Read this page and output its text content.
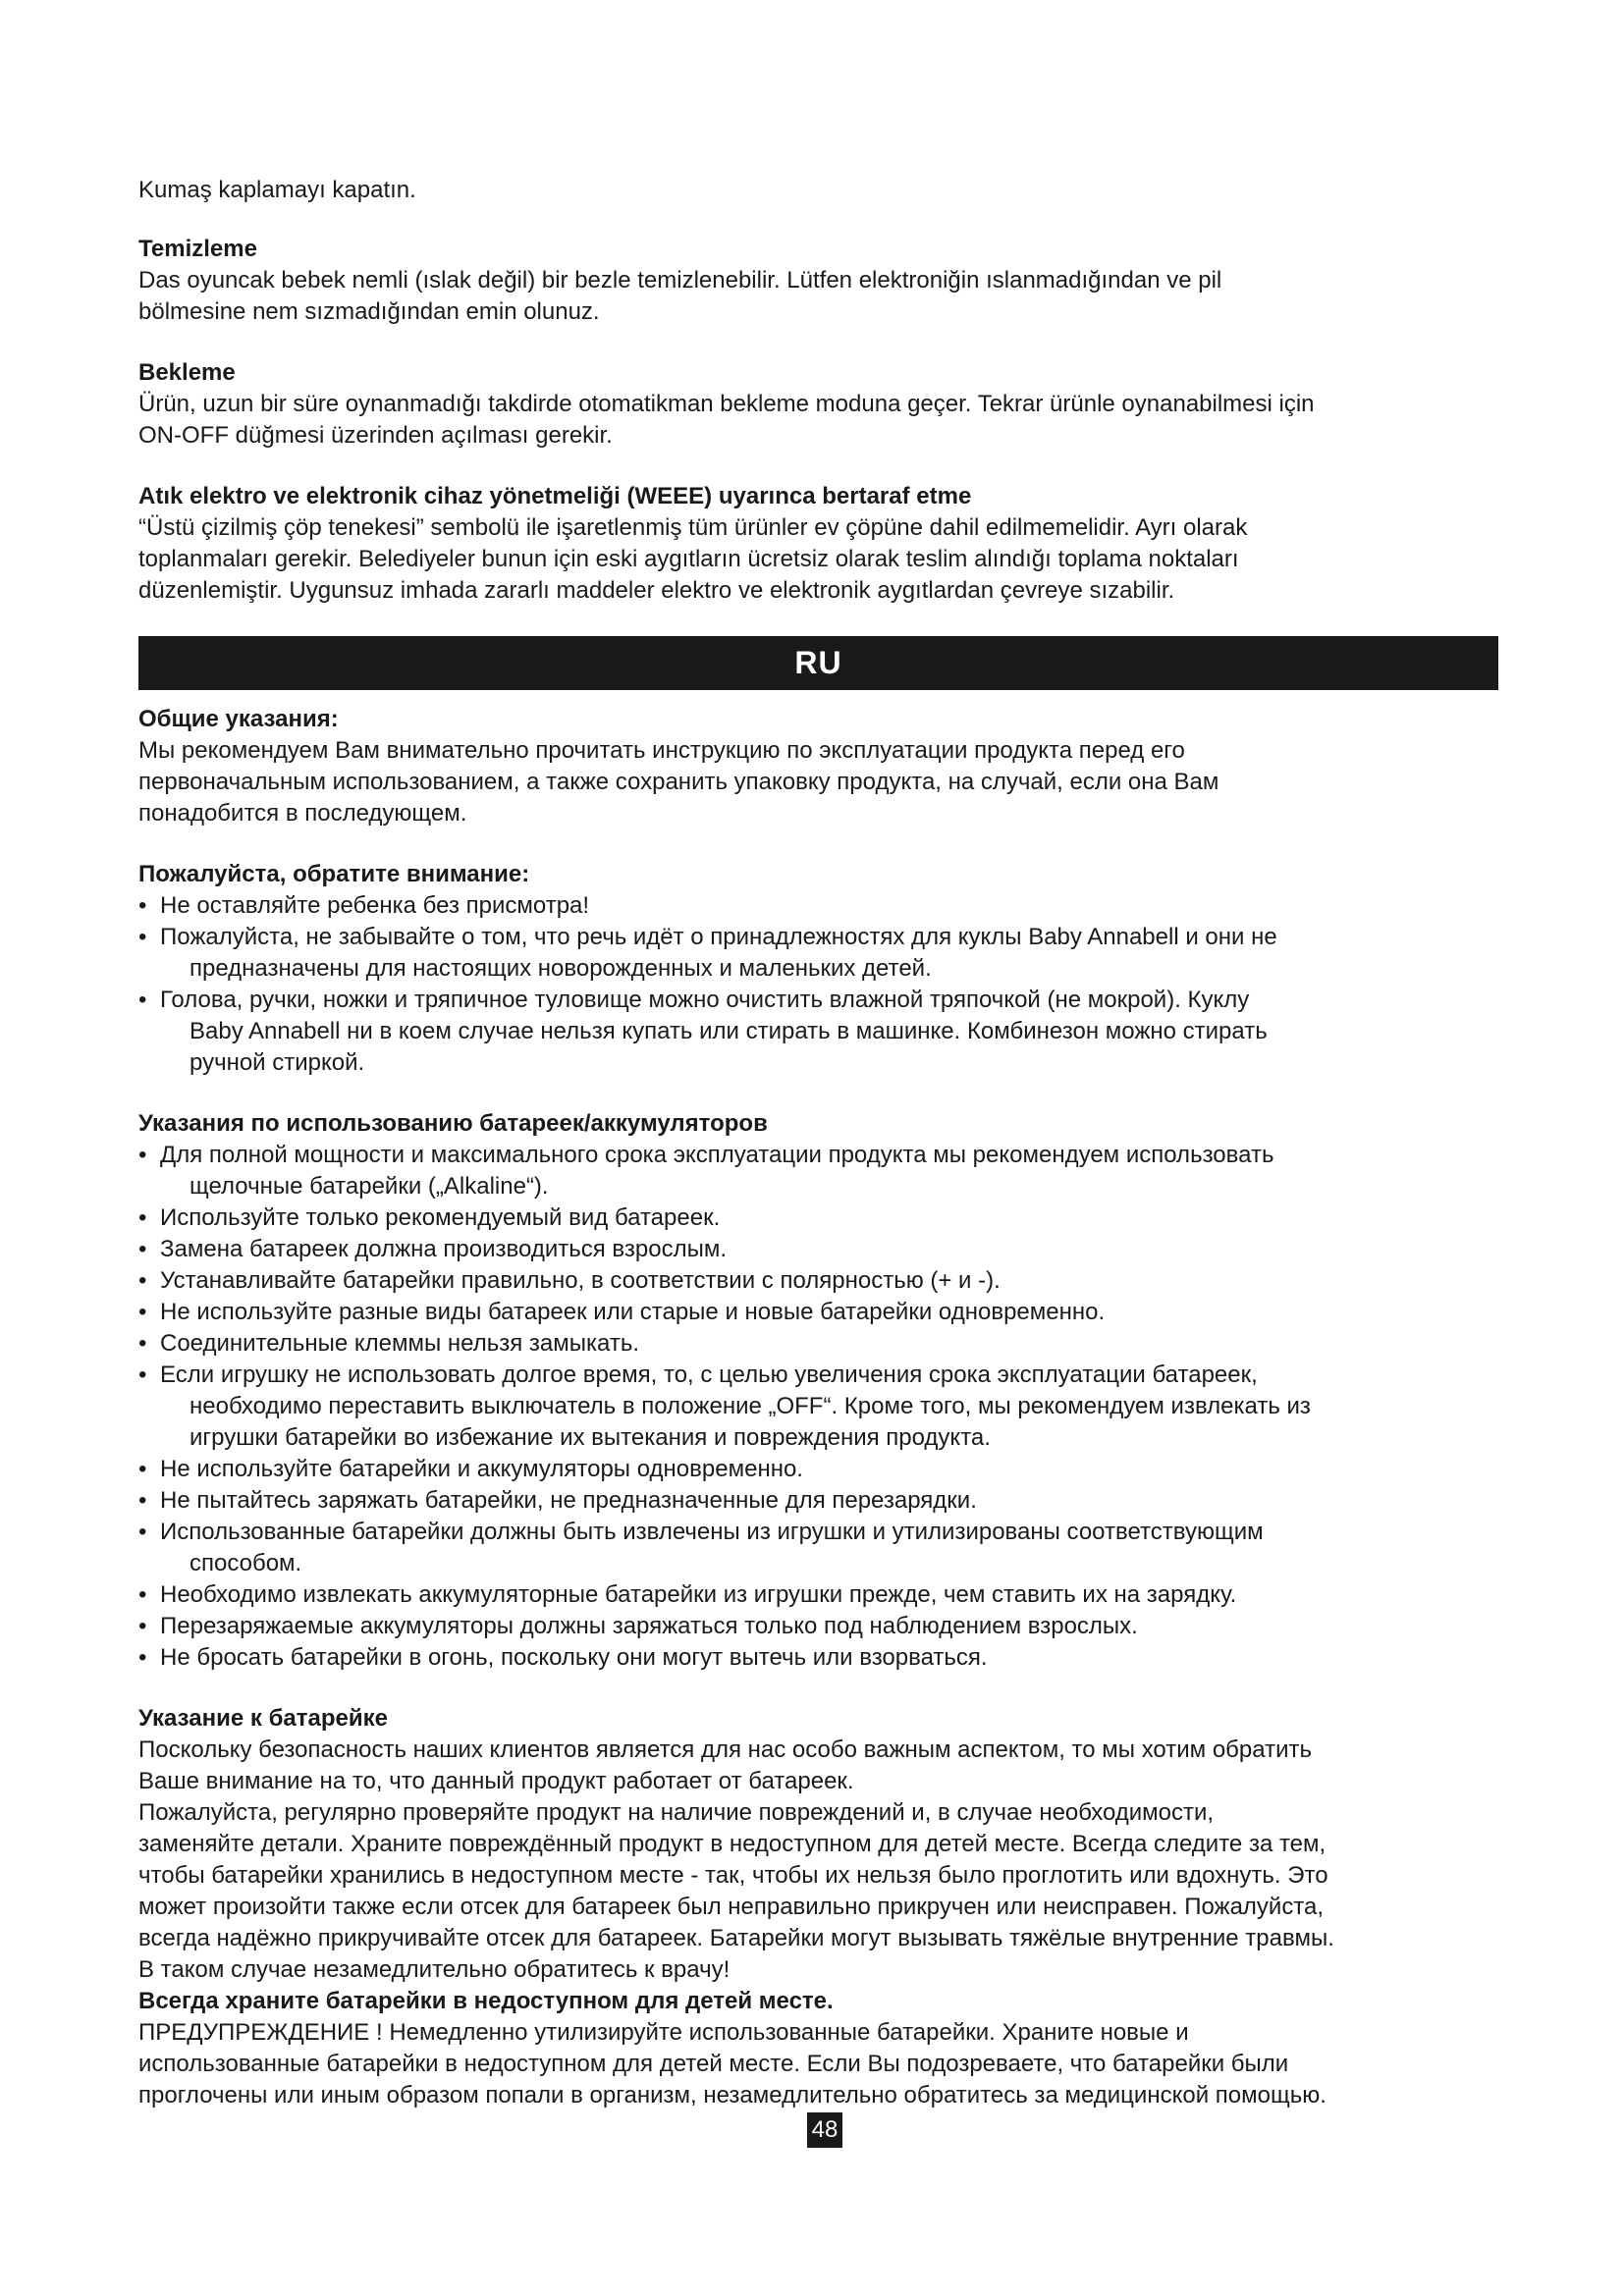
Kumaş kaplamayı kapatın.

Temizleme

Das oyuncak bebek nemli (ıslak değil) bir bezle temizlenebilir. Lütfen elektroniğin ıslanmadığından ve pil

bölmesine nem sızmadığından emin olunuz.

Bekleme

Ürün, uzun bir süre oynanmadığı takdirde otomatikman bekleme moduna geçer. Tekrar ürünle oynanabilmesi için

ON-OFF düğmesi üzerinden açılması gerekir.

Atık elektro ve elektronik cihaz yönetmeliği (WEEE) uyarınca bertaraf etme

“Üstü çizilmiş çöp tenekesi” sembolü ile işaretlenmiş tüm ürünler ev çöpüne dahil edilmemelidir. Ayrı olarak

toplanmaları gerekir. Belediyeler bunun için eski aygıtların ücretsiz olarak teslim alındığı toplama noktaları

düzenlemiştir. Uygunsuz imhada zararlı maddeler elektro ve elektronik aygıtlardan çevreye sızabilir.

RU
Общие указания:

Мы рекомендуем Вам внимательно прочитать инструкцию по эксплуатации продукта перед его

первоначальным использованием, а также сохранить упаковку продукта, на случай, если она Вам

понадобится в последующем.

Пожалуйста, обратите внимание:
• Не оставляйте ребенка без присмотра!
• Пожалуйста, не забывайте о том, что речь идёт о принадлежностях для куклы Baby Annabell и они не
предназначены для настоящих новорожденных и маленьких детей.
• Голова, ручки, ножки и тряпичное туловище можно очистить влажной тряпочкой (не мокрой). Куклу
Baby Annabell ни в коем случае нельзя купать или стирать в машинке. Комбинезон можно стирать
ручной стиркой.
Указания по использованию батареек/аккумуляторов
• Для полной мощности и максимального срока эксплуатации продукта мы рекомендуем использовать
щелочные батарейки („Alkaline“).
• Используйте только рекомендуемый вид батареек.
• Замена батареек должна производиться взрослым.
• Устанавливайте батарейки правильно, в соответствии с полярностью (+ и -).
• Не используйте разные виды батареек или старые и новые батарейки одновременно.
• Соединительные клеммы нельзя замыкать.
• Если игрушку не использовать долгое время, то, с целью увеличения срока эксплуатации батареек,
необходимо переставить выключатель в положение „OFF“. Кроме того, мы рекомендуем извлекать из
игрушки батарейки во избежание их вытекания и повреждения продукта.
• Не используйте батарейки и аккумуляторы одновременно.
• Не пытайтесь заряжать батарейки, не предназначенные для перезарядки.
• Использованные батарейки должны быть извлечены из игрушки и утилизированы соответствующим
способом.
• Необходимо извлекать аккумуляторные батарейки из игрушки прежде, чем ставить их на зарядку.
• Перезаряжаемые аккумуляторы должны заряжаться только под наблюдением взрослых.
• Не бросать батарейки в огонь, поскольку они могут вытечь или взорваться.
Указание к батарейке

Поскольку безопасность наших клиентов является для нас особо важным аспектом, то мы хотим обратить

Ваше внимание на то, что данный продукт работает от батареек.

Пожалуйста, регулярно проверяйте продукт на наличие повреждений и, в случае необходимости,

заменяйте детали. Храните повреждённый продукт в недоступном для детей месте. Всегда следите за тем,

чтобы батарейки хранились в недоступном месте - так, чтобы их нельзя было проглотить или вдохнуть. Это

может произойти также если отсек для батареек был неправильно прикручен или неисправен. Пожалуйста,

всегда надёжно прикручивайте отсек для батареек. Батарейки могут вызывать тяжёлые внутренние травмы.

В таком случае незамедлительно обратитесь к врачу!

Всегда храните батарейки в недоступном для детей месте.

ПРЕДУПРЕЖДЕНИЕ ! Немедленно утилизируйте использованные батарейки. Храните новые и

использованные батарейки в недоступном для детей месте. Если Вы подозреваете, что батарейки были

проглочены или иным образом попали в организм, незамедлительно обратитесь за медицинской помощью.

48
